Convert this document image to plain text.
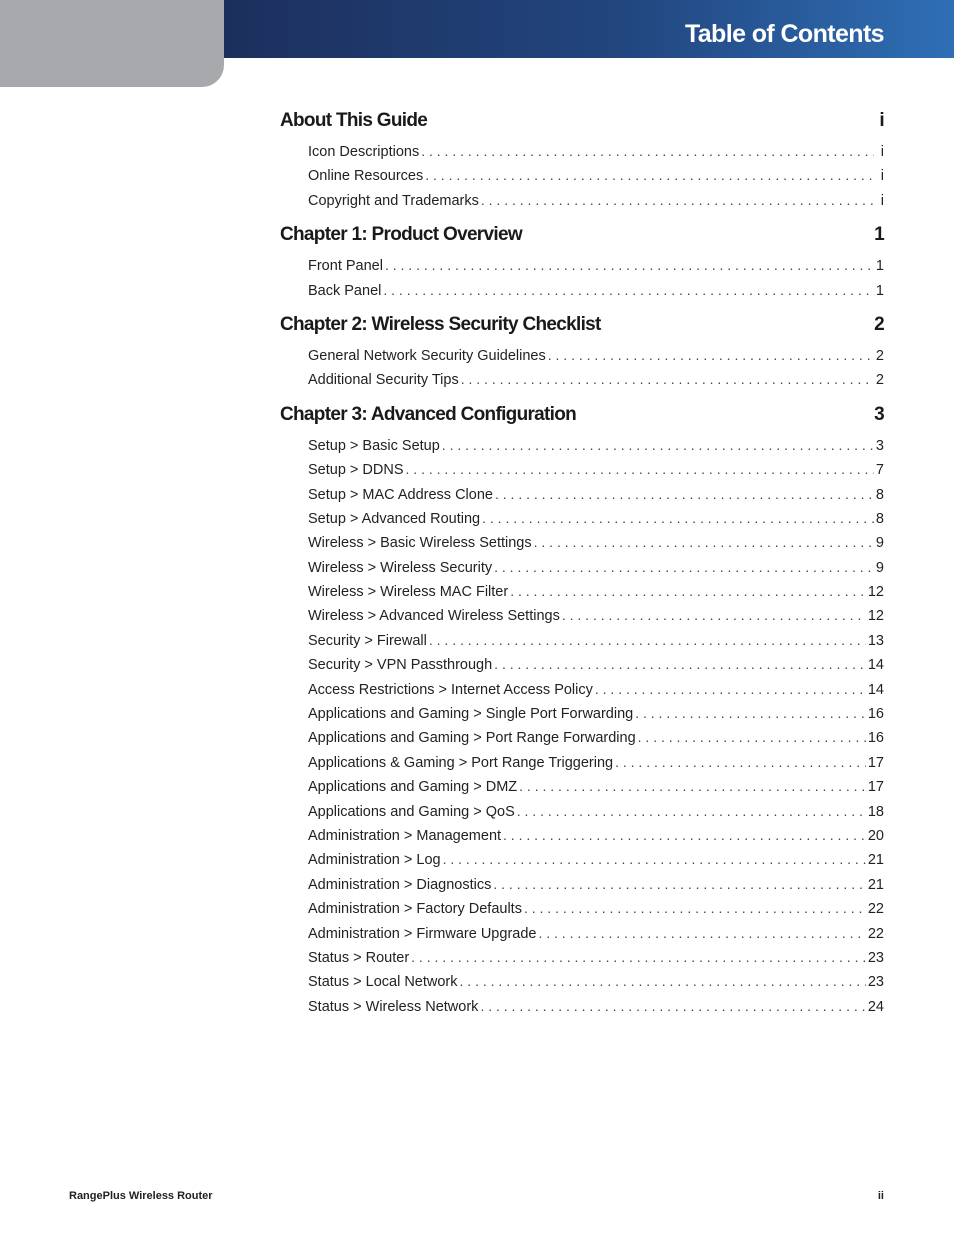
Table of Contents
About This Guide	i
Icon Descriptions . . .	i
Online Resources . . .	i
Copyright and Trademarks . . .	i
Chapter 1: Product Overview	1
Front Panel . . .	1
Back Panel . . .	1
Chapter 2: Wireless Security Checklist	2
General Network Security Guidelines . . .	2
Additional Security Tips . . .	2
Chapter 3: Advanced Configuration	3
Setup > Basic Setup . . .	3
Setup > DDNS . . .	7
Setup > MAC Address Clone . . .	8
Setup > Advanced Routing . . .	8
Wireless > Basic Wireless Settings . . .	9
Wireless > Wireless Security . . .	9
Wireless > Wireless MAC Filter . . .	12
Wireless > Advanced Wireless Settings . . .	12
Security > Firewall . . .	13
Security > VPN Passthrough . . .	14
Access Restrictions > Internet Access Policy . . .	14
Applications and Gaming > Single Port Forwarding . . .	16
Applications and Gaming > Port Range Forwarding . . .	16
Applications & Gaming > Port Range Triggering . . .	17
Applications and Gaming > DMZ . . .	17
Applications and Gaming > QoS . . .	18
Administration > Management . . .	20
Administration > Log . . .	21
Administration > Diagnostics . . .	21
Administration > Factory Defaults . . .	22
Administration > Firmware Upgrade . . .	22
Status > Router . . .	23
Status > Local Network . . .	23
Status > Wireless Network . . .	24
RangePlus Wireless Router	ii
